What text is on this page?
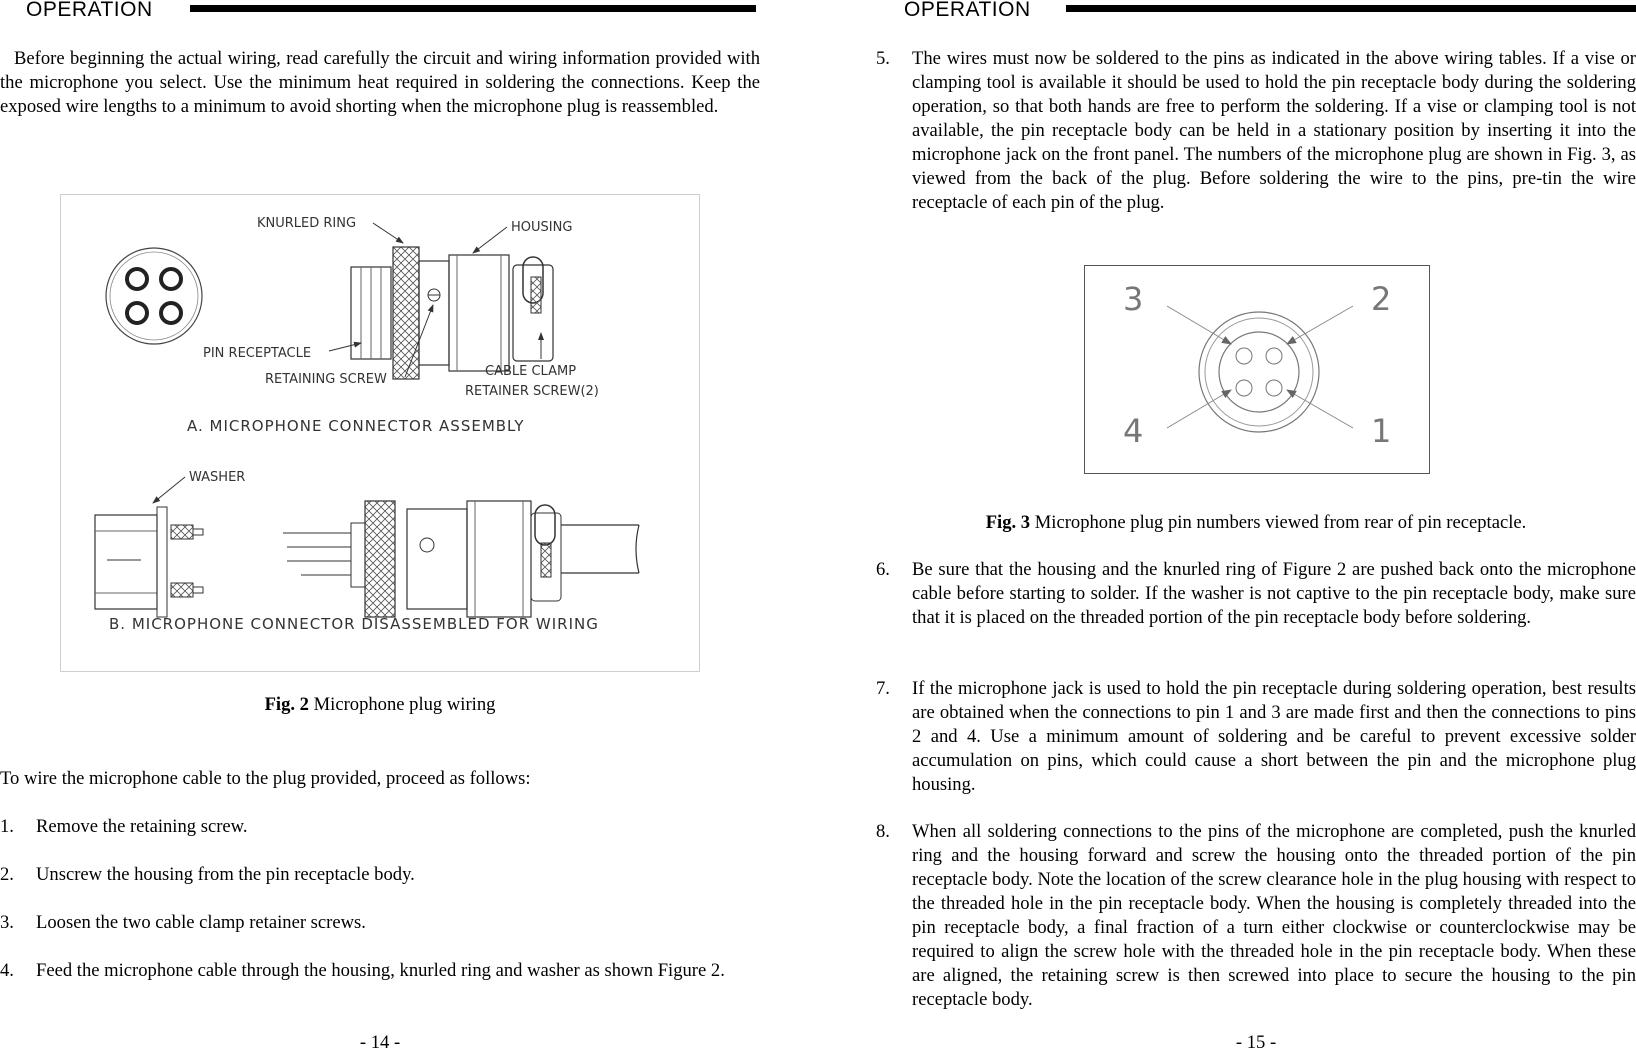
OPERATION
Before beginning the actual wiring, read carefully the circuit and wiring information provided with the microphone you select. Use the minimum heat required in soldering the connections. Keep the exposed wire lengths to a minimum to avoid shorting when the microphone plug is reassembled.
KNURLED RING	HOUSING
PIN RECEPTACLE
RETAINING SCREW
CABLE CLAMP
RETAINER SCREW(2)
A. MICROPHONE CONNECTOR ASSEMBLY
WASHER
B. MICROPHONE CONNECTOR DISASSEMBLED FOR WIRING
Fig. 2 Microphone plug wiring
To wire the microphone cable to the plug provided, proceed as follows:
1. Remove the retaining screw.
2. Unscrew the housing from the pin receptacle body.
3. Loosen the two cable clamp retainer screws.
4. Feed the microphone cable through the housing, knurled ring and washer as shown Figure 2.
- 14 -
OPERATION
5. The wires must now be soldered to the pins as indicated in the above wiring tables. If a vise or clamping tool is available it should be used to hold the pin receptacle body during the soldering operation, so that both hands are free to perform the soldering. If a vise or clamping tool is not available, the pin receptacle body can be held in a stationary position by inserting it into the microphone jack on the front panel. The numbers of the microphone plug are shown in Fig. 3, as viewed from the back of the plug. Before soldering the wire to the pins, pre-tin the wire receptacle of each pin of the plug.
3	2
4	1
Fig. 3 Microphone plug pin numbers viewed from rear of pin receptacle.
6. Be sure that the housing and the knurled ring of Figure 2 are pushed back onto the microphone cable before starting to solder. If the washer is not captive to the pin receptacle body, make sure that it is placed on the threaded portion of the pin receptacle body before soldering.
7. If the microphone jack is used to hold the pin receptacle during soldering operation, best results are obtained when the connections to pin 1 and 3 are made first and then the connections to pins 2 and 4. Use a minimum amount of soldering and be careful to prevent excessive solder accumulation on pins, which could cause a short between the pin and the microphone plug housing.
8. When all soldering connections to the pins of the microphone are completed, push the knurled ring and the housing forward and screw the housing onto the threaded portion of the pin receptacle body. Note the location of the screw clearance hole in the plug housing with respect to the threaded hole in the pin receptacle body. When the housing is completely threaded into the pin receptacle body, a final fraction of a turn either clockwise or counterclockwise may be required to align the screw hole with the threaded hole in the pin receptacle body. When these are aligned, the retaining screw is then screwed into place to secure the housing to the pin receptacle body.
- 15 -
